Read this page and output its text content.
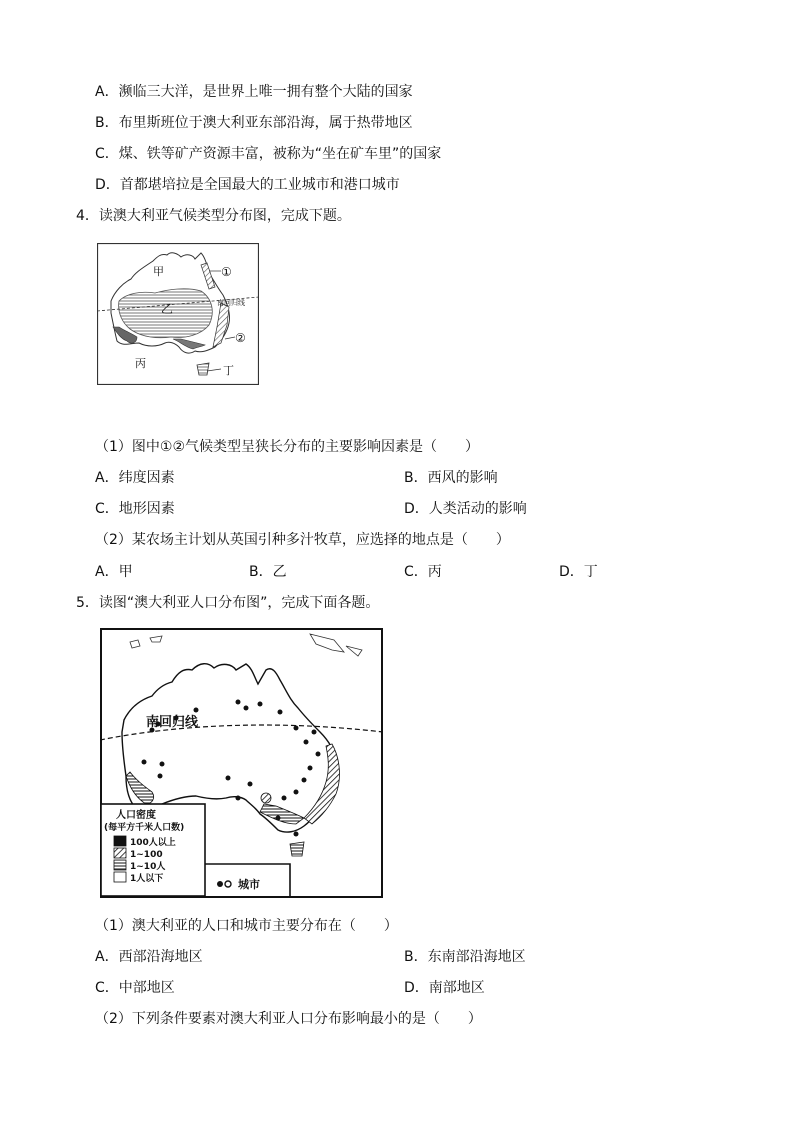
A．濒临三大洋，是世界上唯一拥有整个大陆的国家
B．布里斯班位于澳大利亚东部沿海，属于热带地区
C．煤、铁等矿产资源丰富，被称为“坐在矿车里”的国家
D．首都堪培拉是全国最大的工业城市和港口城市
4．读澳大利亚气候类型分布图，完成下题。
甲
乙
丙
丁
①
②
南回归线
（1）图中①②气候类型呈狭长分布的主要影响因素是（　　）
A．纬度因素	B．西风的影响
C．地形因素	D．人类活动的影响
（2）某农场主计划从英国引种多汁牧草，应选择的地点是（　　）
A．甲	B．乙	C．丙	D．丁
5．读图“澳大利亚人口分布图”，完成下面各题。
南回归线
人口密度
(每平方千米人口数)
100人以上
1~100
1~10人
1人以下	城市
（1）澳大利亚的人口和城市主要分布在（　　）
A．西部沿海地区	B．东南部沿海地区
C．中部地区	D．南部地区
（2）下列条件要素对澳大利亚人口分布影响最小的是（　　）
